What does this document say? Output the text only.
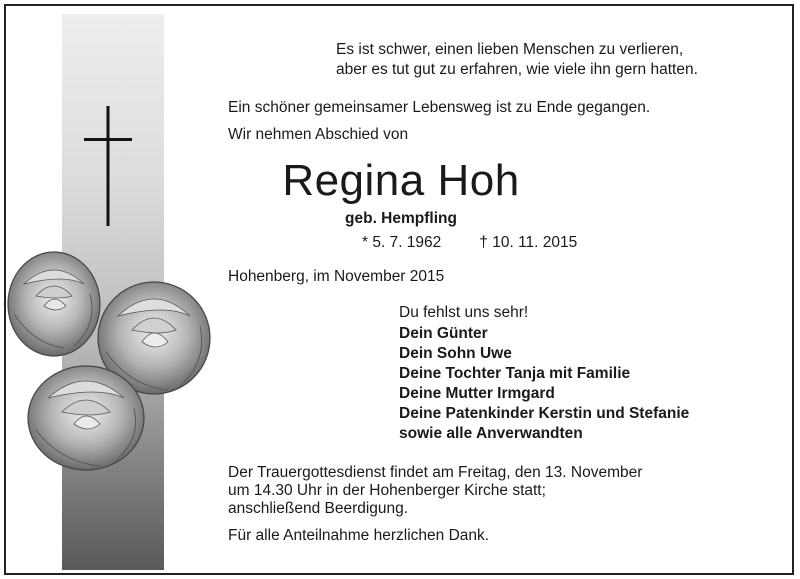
Es ist schwer, einen lieben Menschen zu verlieren,
aber es tut gut zu erfahren, wie viele ihn gern hatten.
Ein schöner gemeinsamer Lebensweg ist zu Ende gegangen.
Wir nehmen Abschied von
Regina Hoh
geb. Hempfling
* 5. 7. 1962 † 10. 11. 2015
Hohenberg, im November 2015
Du fehlst uns sehr!
Dein Günter
Dein Sohn Uwe
Deine Tochter Tanja mit Familie
Deine Mutter Irmgard
Deine Patenkinder Kerstin und Stefanie
sowie alle Anverwandten
Der Trauergottesdienst findet am Freitag, den 13. November
um 14.30 Uhr in der Hohenberger Kirche statt;
anschließend Beerdigung.
Für alle Anteilnahme herzlichen Dank.
